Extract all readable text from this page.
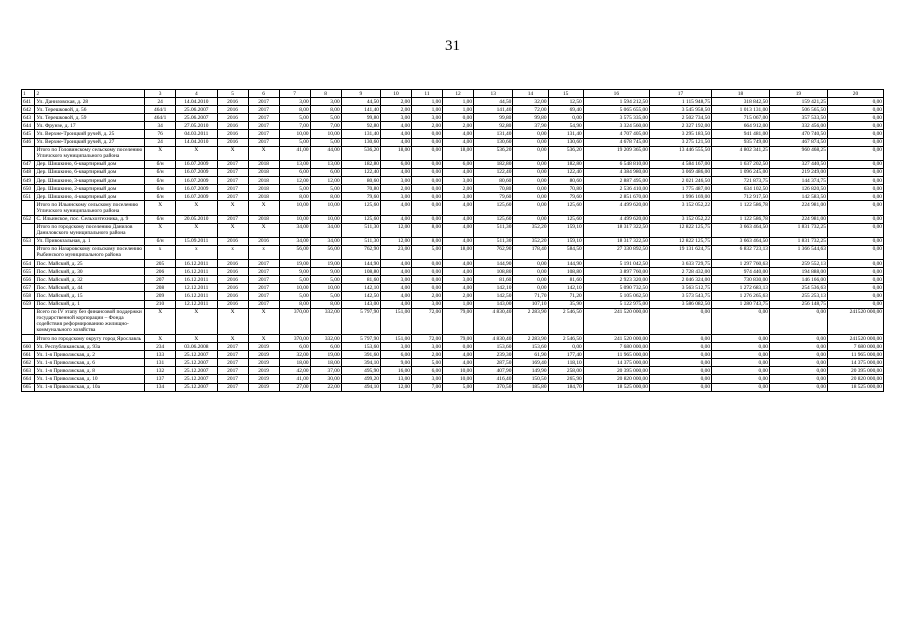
31
1	2	3	4	5	6	7	8	9	10	11	12	13	14	15	16	17	18	19	20
641	Ул. Даниловская, д. 28	24	14.04.2010	2016	2017	3,00	3,00	44,50	2,00	1,00	1,00	44,50	32,00	12,50	1 594 212,50	1 115 948,75	318 842,50	159 421,25	0,00
642	Ул. Терешковой, д. 56	464/1	25.06.2007	2016	2017	8,00	8,00	141,40	2,00	1,00	1,00	141,40	72,00	69,40	5 065 655,00	3 545 958,50	1 013 131,00	506 565,50	0,00
643	Ул. Терешковой, д. 59	464/1	25.06.2007	2016	2017	5,00	5,00	99,80	3,00	3,00	0,00	99,80	99,80	0,00	3 575 335,00	2 502 734,50	715 067,00	357 533,50	0,00
644	Ул. Фрунзе, д. 17	34	27.05.2010	2016	2017	7,00	7,00	92,80	4,00	2,00	2,00	92,80	37,90	54,90	3 324 560,00	2 327 192,00	664 912,00	332 456,00	0,00
645	Ул. Верхне-Троицкий ручей, д. 25	76	04.03.2011	2016	2017	10,00	10,00	131,40	4,00	0,00	4,00	131,40	0,00	131,40	4 707 405,00	3 295 183,50	941 481,00	470 740,50	0,00
646	Ул. Верхне-Троицкий ручей, д. 27	24	14.04.2010	2016	2017	5,00	5,00	130,60	4,00	0,00	4,00	130,60	0,00	130,60	4 678 745,00	3 275 121,50	935 749,00	467 874,50	0,00
	Итого по Головинскому сельскому поселению Угличского муниципального района	X	X	X	X	41,00	44,00	536,20	18,00	0,00	18,00	536,20	0,00	536,20	19 209 365,00	13 446 555,50	4 802 341,25	960 468,25	0,00
647	Дер. Шишкино, 6-квартирный дом	б/н	16.07.2009	2017	2018	13,00	13,00	182,80	6,00	0,00	6,00	182,80	0,00	182,80	6 548 810,00	4 584 167,00	1 637 202,50	327 440,50	0,00
648	Дер. Шишкино, 6-квартирный дом	б/н	16.07.2009	2017	2018	6,00	6,00	122,40	4,00	0,00	4,00	122,40	0,00	122,40	4 384 980,00	3 069 486,00	1 096 245,00	219 249,00	0,00
649	Дер. Шишкино, 3-квартирный дом	б/н	16.07.2009	2017	2018	12,00	12,00	80,60	3,00	0,00	3,00	80,60	0,00	80,60	2 887 495,00	2 021 246,50	721 873,75	144 374,75	0,00
650	Дер. Шишкино, 2-квартирный дом	б/н	16.07.2009	2017	2018	5,00	5,00	70,80	2,00	0,00	2,00	70,80	0,00	70,80	2 536 410,00	1 775 487,00	634 102,50	126 820,50	0,00
651	Дер. Шишкино, 4-квартирный дом	б/н	16.07.2009	2017	2018	8,00	8,00	79,60	3,00	0,00	3,00	79,60	0,00	79,60	2 851 670,00	1 996 169,00	712 917,50	142 583,50	0,00
	Итого по Ильинскому сельскому поселению Угличского муниципального района	X	X	X	X	10,00	10,00	125,60	4,00	0,00	4,00	125,60	0,00	125,60	4 499 620,00	3 152 052,22	1 122 586,78	224 981,00	0,00
652	С. Ильинское, пос. Сельхозтехника, д. 9	б/н	20.05.2010	2017	2018	10,00	10,00	125,60	4,00	0,00	4,00	125,60	0,00	125,60	4 499 620,00	3 152 052,22	1 122 586,78	224 981,00	0,00
	Итого по городскому поселению Данилов Даниловского муниципального района	X	X	X	X	34,00	34,00	511,30	12,00	8,00	4,00	511,30	352,20	159,10	18 317 322,50	12 822 125,75	3 663 464,50	1 831 732,25	0,00
653	Ул. Привокзальная, д. 1	б/н	15.09.2011	2016	2016	34,00	34,00	511,30	12,00	8,00	4,00	511,30	352,20	159,10	18 317 322,50	12 822 125,75	3 663 464,50	1 831 732,25	0,00
	Итого по Назаровскому сельскому поселению Рыбинского муниципального района	х	х	х	х	56,00	56,00	762,90	23,00	5,00	18,00	762,90	178,40	584,50	27 330 892,50	19 131 624,75	6 832 723,13	1 366 544,63	0,00
654	Пос. Майский, д. 25	205	16.12.2011	2016	2017	19,00	19,00	144,90	4,00	0,00	4,00	144,90	0,00	144,90	5 191 042,50	3 633 729,75	1 297 760,63	259 552,13	0,00
655	Пос. Майский, д. 30	206	16.12.2011	2016	2017	9,00	9,00	108,80	4,00	0,00	4,00	108,80	0,00	108,80	3 897 760,00	2 728 432,00	974 440,00	194 888,00	0,00
656	Пос. Майский, д. 32	207	16.12.2011	2016	2017	5,00	5,00	81,60	3,00	0,00	3,00	81,60	0,00	81,60	2 923 320,00	2 046 324,00	730 830,00	146 166,00	0,00
657	Пос. Майский, д. 44	208	12.12.2011	2016	2017	10,00	10,00	142,10	4,00	0,00	4,00	142,10	0,00	142,10	5 090 732,50	3 563 512,75	1 272 683,13	254 536,63	0,00
658	Пос. Майский, д. 15	209	16.12.2011	2016	2017	5,00	5,00	142,50	4,00	2,00	2,00	142,50	71,70	71,20	5 105 062,50	3 573 543,75	1 276 265,63	255 253,13	0,00
659	Пос. Майский, д. 1	210	12.12.2011	2016	2017	8,00	8,00	143,00	4,00	3,00	1,00	143,00	107,10	35,90	5 122 975,00	3 586 082,50	1 280 743,75	256 148,75	0,00
	Всего по IV этапу без финансовой поддержки государственной корпорации – Фонда содействия реформированию жилищно-коммунального хозяйства	X	X	X	X	370,00	332,00	5 797,90	151,00	72,00	79,00	4 830,40	2 283,90	2 546,50	241 520 000,00	0,00	0,00	0,00	241520 000,00
	Итого по городскому округу город Ярославль	X	X	X	X	370,00	332,00	5 797,90	151,00	72,00	79,00	4 830,40	2 283,90	2 546,50	241 520 000,00	0,00	0,00	0,00	241520 000,00
660	Ул. Республиканская, д. 93а	234	03.06.2008	2017	2019	6,00	6,00	153,60	3,00	3,00	0,00	153,60	153,60	0,00	7 680 000,00	0,00	0,00	0,00	7 680 000,00
661	Ул. 1-я Приволжская, д. 2	133	25.12.2007	2017	2019	32,00	19,00	391,60	6,00	2,00	4,00	239,30	61,90	177,40	11 965 000,00	0,00	0,00	0,00	11 965 000,00
662	Ул. 1-я Приволжская, д. 6	131	25.12.2007	2017	2019	18,00	18,00	394,10	9,00	5,00	4,00	287,50	169,40	118,10	14 375 000,00	0,00	0,00	0,00	14 375 000,00
663	Ул. 1-я Приволжская, д. 8	132	25.12.2007	2017	2019	42,00	37,00	495,90	16,00	6,00	10,00	407,90	149,90	258,00	20 395 000,00	0,00	0,00	0,00	20 395 000,00
664	Ул. 1-я Приволжская, д. 10	137	25.12.2007	2017	2019	41,00	30,00	499,20	13,00	3,00	10,00	416,40	150,50	265,90	20 820 000,00	0,00	0,00	0,00	20 820 000,00
665	Ул. 1-я Приволжская, д. 10а	134	25.12.2007	2017	2019	27,00	22,00	494,10	12,00	7,00	5,00	370,50	185,80	184,70	18 525 000,00	0,00	0,00	0,00	18 525 000,00
